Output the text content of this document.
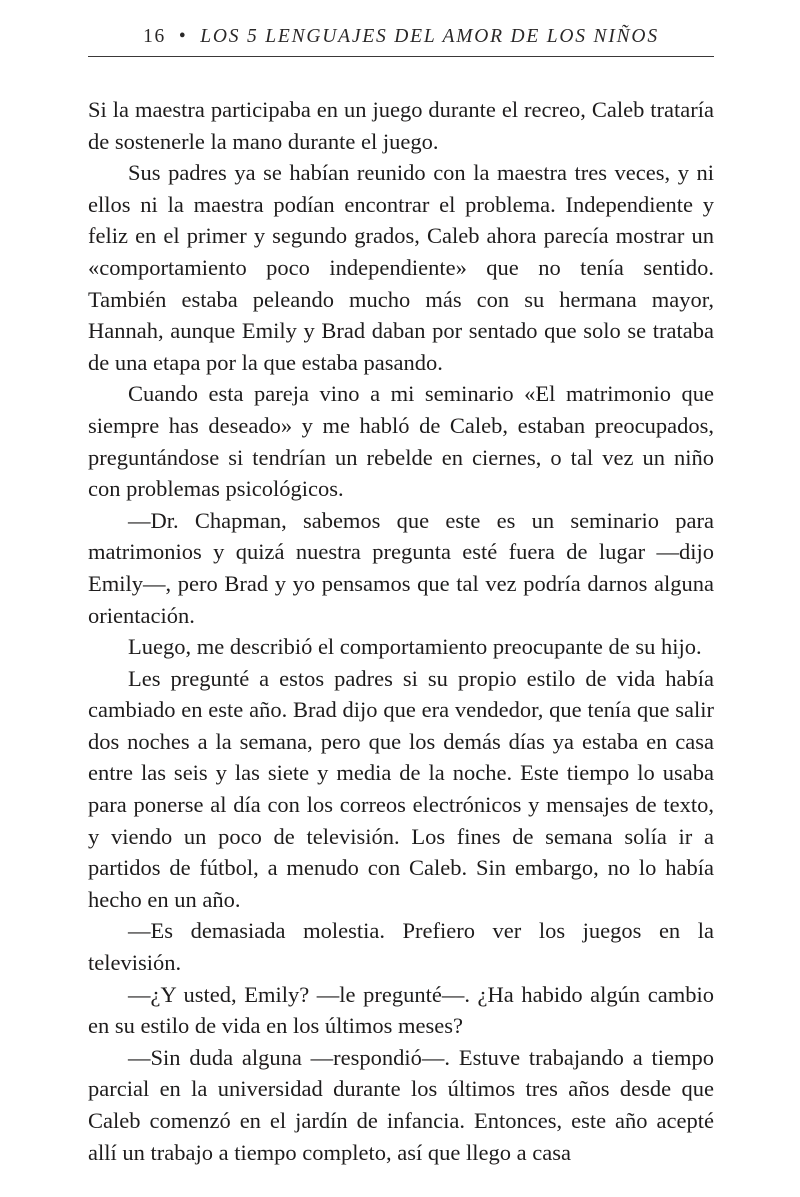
16 • LOS 5 LENGUAJES DEL AMOR DE LOS NIÑOS

Si la maestra participaba en un juego durante el recreo, Caleb trataría de sostenerle la mano durante el juego.

Sus padres ya se habían reunido con la maestra tres veces, y ni ellos ni la maestra podían encontrar el problema. Independiente y feliz en el primer y segundo grados, Caleb ahora parecía mostrar un «comportamiento poco independiente» que no tenía sentido. También estaba peleando mucho más con su hermana mayor, Hannah, aunque Emily y Brad daban por sentado que solo se trataba de una etapa por la que estaba pasando.

Cuando esta pareja vino a mi seminario «El matrimonio que siempre has deseado» y me habló de Caleb, estaban preocupados, preguntándose si tendrían un rebelde en ciernes, o tal vez un niño con problemas psicológicos.

—Dr. Chapman, sabemos que este es un seminario para matrimonios y quizá nuestra pregunta esté fuera de lugar —dijo Emily—, pero Brad y yo pensamos que tal vez podría darnos alguna orientación.

Luego, me describió el comportamiento preocupante de su hijo.

Les pregunté a estos padres si su propio estilo de vida había cambiado en este año. Brad dijo que era vendedor, que tenía que salir dos noches a la semana, pero que los demás días ya estaba en casa entre las seis y las siete y media de la noche. Este tiempo lo usaba para ponerse al día con los correos electrónicos y mensajes de texto, y viendo un poco de televisión. Los fines de semana solía ir a partidos de fútbol, a menudo con Caleb. Sin embargo, no lo había hecho en un año.

—Es demasiada molestia. Prefiero ver los juegos en la televisión.

—¿Y usted, Emily? —le pregunté—. ¿Ha habido algún cambio en su estilo de vida en los últimos meses?

—Sin duda alguna —respondió—. Estuve trabajando a tiempo parcial en la universidad durante los últimos tres años desde que Caleb comenzó en el jardín de infancia. Entonces, este año acepté allí un trabajo a tiempo completo, así que llego a casa
